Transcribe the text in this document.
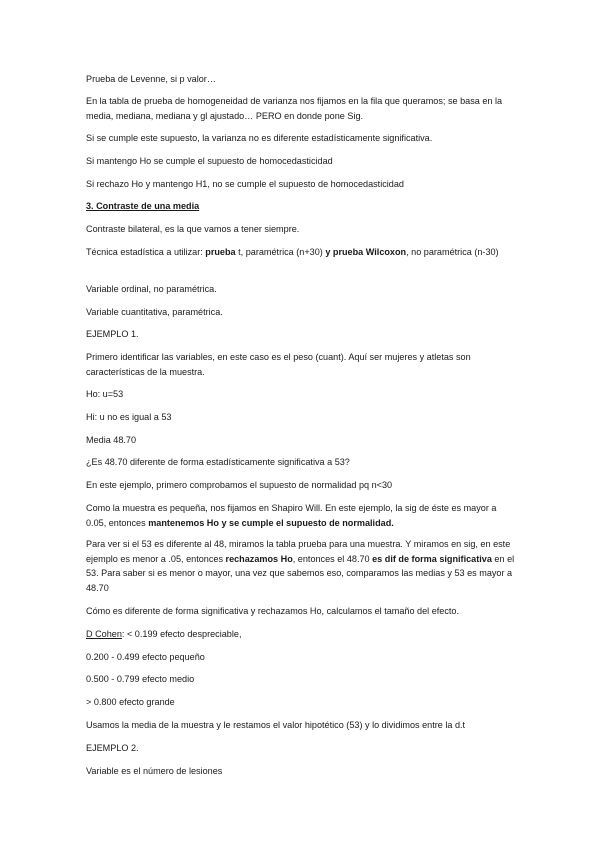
Prueba de Levenne, si p valor…

En la tabla de prueba de homogeneidad de varianza nos fijamos en la fila que queramos; se basa en la media, mediana, mediana y gl ajustado… PERO en donde pone Sig.

Si se cumple este supuesto, la varianza no es diferente estadísticamente significativa.

Si mantengo Ho se cumple el supuesto de homocedasticidad

Si rechazo Ho y mantengo H1, no se cumple el supuesto de homocedasticidad

3. Contraste de una media

Contraste bilateral, es la que vamos a tener siempre.

Técnica estadística a utilizar: prueba t, paramétrica (n+30) y prueba Wilcoxon, no paramétrica (n-30)

Variable ordinal, no paramétrica.

Variable cuantitativa, paramétrica.

EJEMPLO 1.

Primero identificar las variables, en este caso es el peso (cuant). Aquí ser mujeres y atletas son características de la muestra.

Ho: u=53

Hi: u no es igual a 53

Media 48.70

¿Es 48.70 diferente de forma estadísticamente significativa a 53?

En este ejemplo, primero comprobamos el supuesto de normalidad pq n<30

Como la muestra es pequeña, nos fijamos en Shapiro Will. En este ejemplo, la sig de éste es mayor a 0.05, entonces mantenemos Ho y se cumple el supuesto de normalidad.

Para ver si el 53 es diferente al 48, miramos la tabla prueba para una muestra. Y miramos en sig, en este ejemplo es menor a .05, entonces rechazamos Ho, entonces el 48.70 es dif de forma significativa en el 53. Para saber si es menor o mayor, una vez que sabemos eso, comparamos las medias y 53 es mayor a 48.70

Cómo es diferente de forma significativa y rechazamos Ho, calculamos el tamaño del efecto.

D Cohen: < 0.199 efecto despreciable,

0.200 - 0.499 efecto pequeño

0.500 - 0.799 efecto medio

> 0.800 efecto grande

Usamos la media de la muestra y le restamos el valor hipotético (53) y lo dividimos entre la d.t

EJEMPLO 2.

Variable es el número de lesiones
